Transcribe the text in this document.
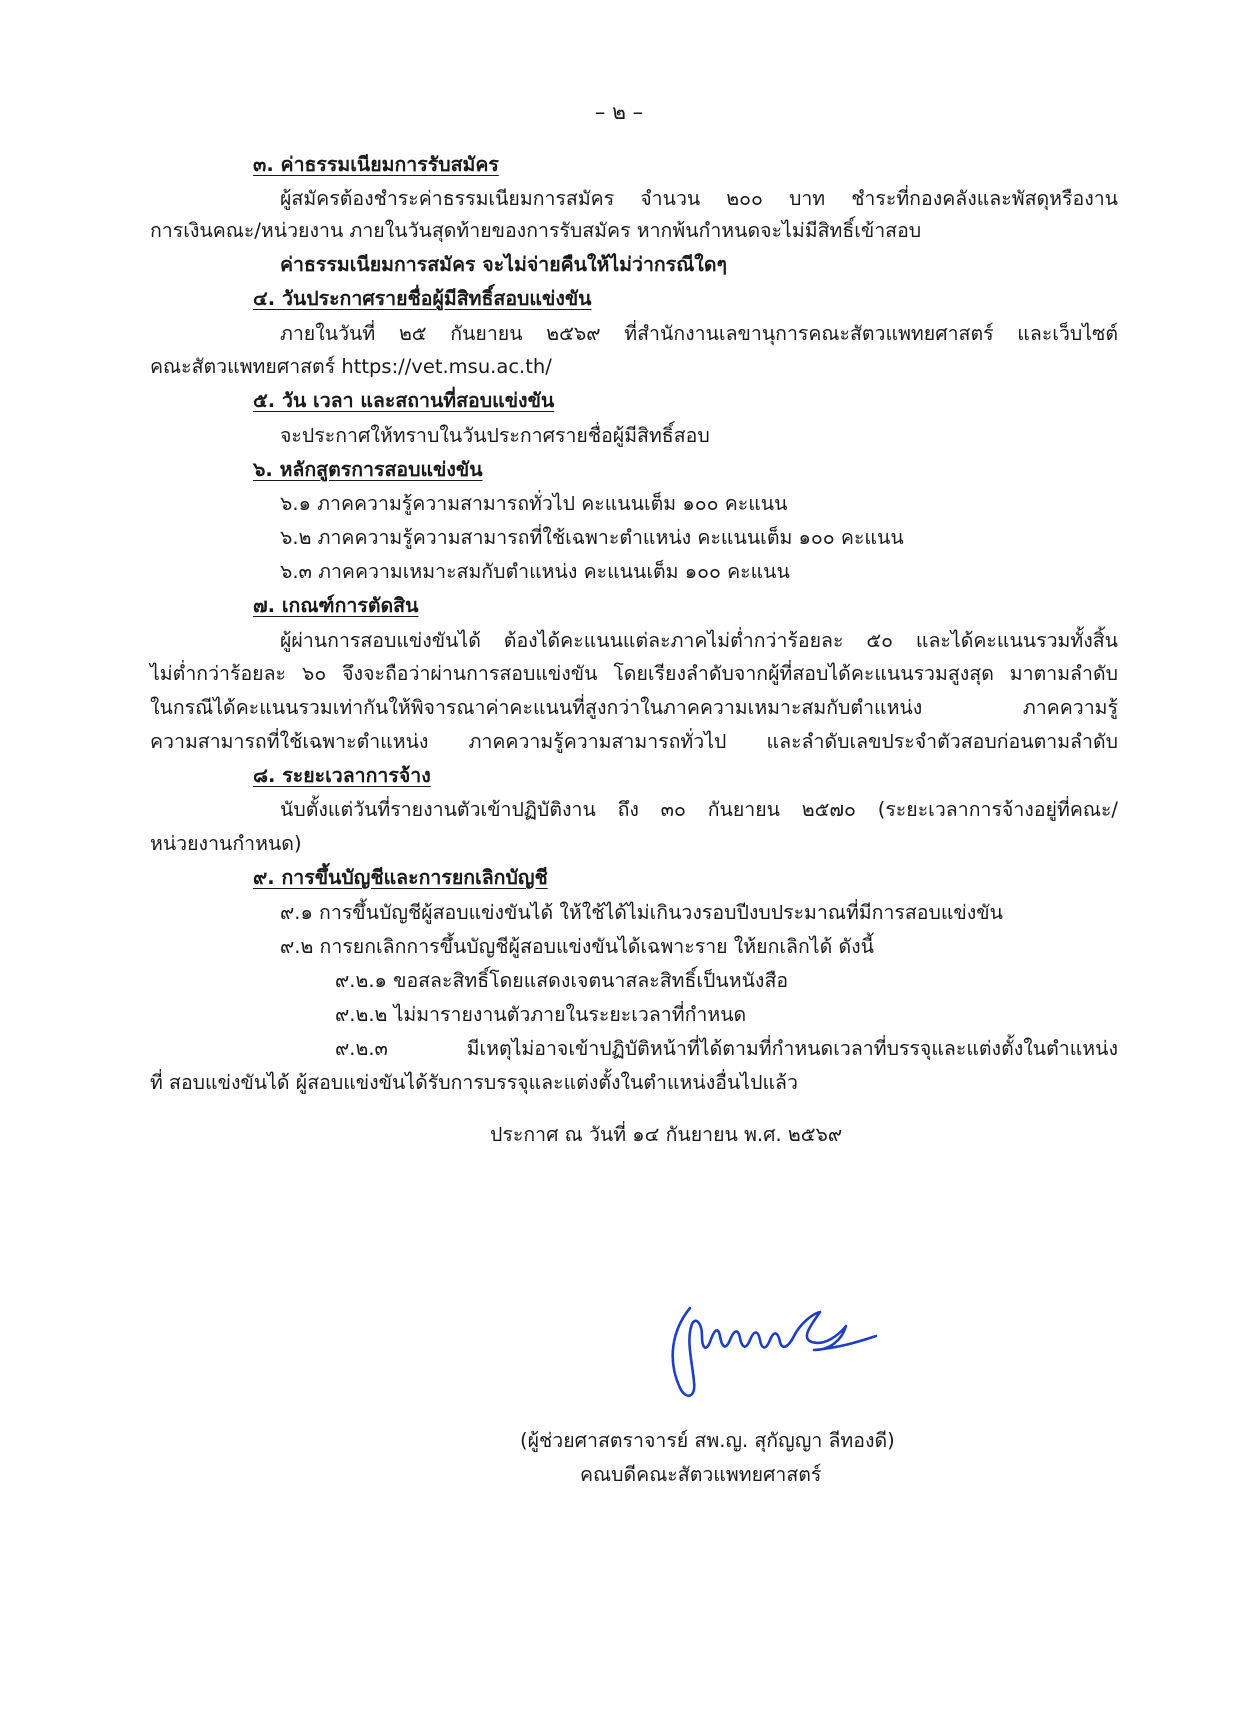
– ๒ –
๓. ค่าธรรมเนียมการรับสมัคร
ผู้สมัครต้องชำระค่าธรรมเนียมการสมัคร จำนวน ๒๐๐ บาท ชำระที่กองคลังและพัสดุหรืองาน
การเงินคณะ/หน่วยงาน ภายในวันสุดท้ายของการรับสมัคร หากพ้นกำหนดจะไม่มีสิทธิ์เข้าสอบ
ค่าธรรมเนียมการสมัคร จะไม่จ่ายคืนให้ไม่ว่ากรณีใดๆ
๔. วันประกาศรายชื่อผู้มีสิทธิ์สอบแข่งขัน
ภายในวันที่ ๒๕ กันยายน ๒๕๖๙ ที่สำนักงานเลขานุการคณะสัตวแพทยศาสตร์ และเว็บไซต์
คณะสัตวแพทยศาสตร์ https://vet.msu.ac.th/
๕. วัน เวลา และสถานที่สอบแข่งขัน
จะประกาศให้ทราบในวันประกาศรายชื่อผู้มีสิทธิ์สอบ
๖. หลักสูตรการสอบแข่งขัน
๖.๑ ภาคความรู้ความสามารถทั่วไป คะแนนเต็ม ๑๐๐ คะแนน
๖.๒ ภาคความรู้ความสามารถที่ใช้เฉพาะตำแหน่ง คะแนนเต็ม ๑๐๐ คะแนน
๖.๓ ภาคความเหมาะสมกับตำแหน่ง คะแนนเต็ม ๑๐๐ คะแนน
๗. เกณฑ์การตัดสิน
ผู้ผ่านการสอบแข่งขันได้ ต้องได้คะแนนแต่ละภาคไม่ต่ำกว่าร้อยละ ๕๐ และได้คะแนนรวมทั้งสิ้น
ไม่ต่ำกว่าร้อยละ ๖๐ จึงจะถือว่าผ่านการสอบแข่งขัน โดยเรียงลำดับจากผู้ที่สอบได้คะแนนรวมสูงสุด มาตามลำดับ
ในกรณีได้คะแนนรวมเท่ากันให้พิจารณาค่าคะแนนที่สูงกว่าในภาคความเหมาะสมกับตำแหน่ง ภาคความรู้
ความสามารถที่ใช้เฉพาะตำแหน่ง ภาคความรู้ความสามารถทั่วไป และลำดับเลขประจำตัวสอบก่อนตามลำดับ
๘. ระยะเวลาการจ้าง
นับตั้งแต่วันที่รายงานตัวเข้าปฏิบัติงาน ถึง ๓๐ กันยายน ๒๕๗๐ (ระยะเวลาการจ้างอยู่ที่คณะ/
หน่วยงานกำหนด)
๙. การขึ้นบัญชีและการยกเลิกบัญชี
๙.๑ การขึ้นบัญชีผู้สอบแข่งขันได้ ให้ใช้ได้ไม่เกินวงรอบปีงบประมาณที่มีการสอบแข่งขัน
๙.๒ การยกเลิกการขึ้นบัญชีผู้สอบแข่งขันได้เฉพาะราย ให้ยกเลิกได้ ดังนี้
๙.๒.๑ ขอสละสิทธิ์โดยแสดงเจตนาสละสิทธิ์เป็นหนังสือ
๙.๒.๒ ไม่มารายงานตัวภายในระยะเวลาที่กำหนด
๙.๒.๓ มีเหตุไม่อาจเข้าปฏิบัติหน้าที่ได้ตามที่กำหนดเวลาที่บรรจุและแต่งตั้งในตำแหน่ง
ที่ สอบแข่งขันได้ ผู้สอบแข่งขันได้รับการบรรจุและแต่งตั้งในตำแหน่งอื่นไปแล้ว
ประกาศ ณ วันที่ ๑๔ กันยายน พ.ศ. ๒๕๖๙
(ผู้ช่วยศาสตราจารย์ สพ.ญ. สุกัญญา ลีทองดี)
คณบดีคณะสัตวแพทยศาสตร์
